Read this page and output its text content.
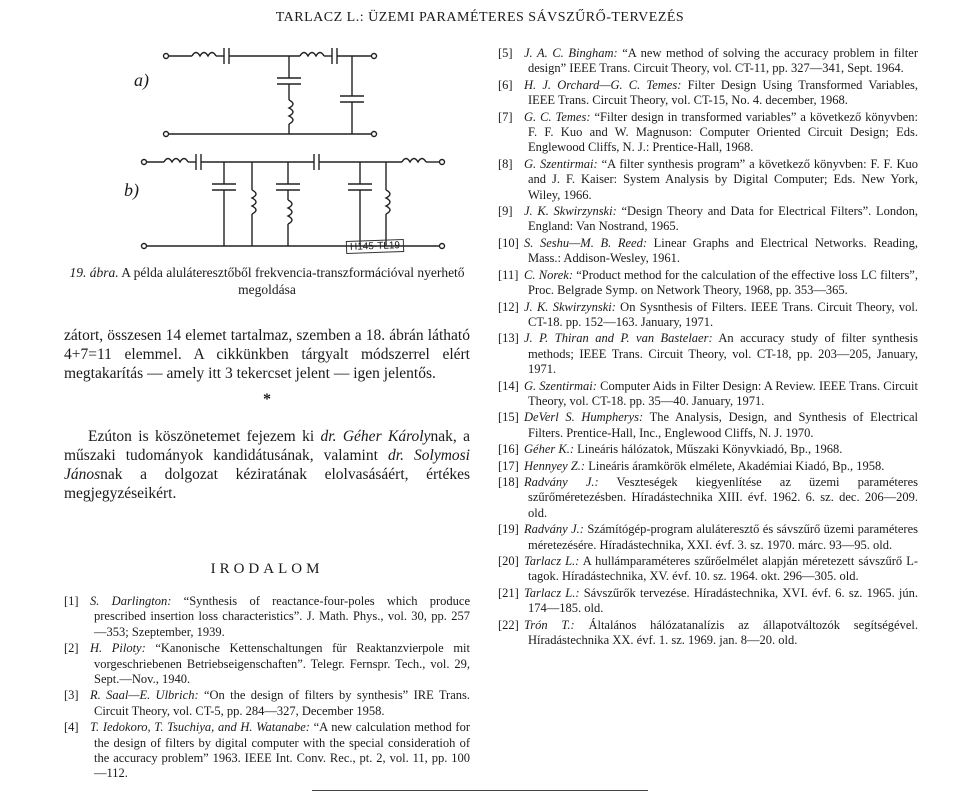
TARLACZ L.: ÜZEMI PARAMÉTERES SÁVSZŰRŐ-TERVEZÉS
a)
b)
H145-TL19
19. ábra. A példa aluláteresztőből frekvencia-transzformációval nyerhető megoldása

zátort, összesen 14 elemet tartalmaz, szemben a 18. ábrán látható 4+7=11 elemmel. A cikkünkben tárgyalt módszerrel elért megtakarítás — amely itt 3 tekercset jelent — igen jelentős.

*

Ezúton is köszönetemet fejezem ki dr. Géher Károlynak, a műszaki tudományok kandidátusának, valamint dr. Solymosi Jánosnak a dolgozat kéziratának elolvasásáért, értékes megjegyzéseikért.

IRODALOM
[1] S. Darlington: “Synthesis of reactance-four-poles which produce prescribed insertion loss characteristics”. J. Math. Phys., vol. 30, pp. 257—353; Szeptember, 1939.
[2] H. Piloty: “Kanonische Kettenschaltungen für Reaktanzvierpole mit vorgeschriebenen Betriebseigenschaften”. Telegr. Fernspr. Tech., vol. 29, Sept.—Nov., 1940.
[3] R. Saal—E. Ulbrich: “On the design of filters by synthesis” IRE Trans. Circuit Theory, vol. CT-5, pp. 284—327, December 1958.
[4] T. Iedokoro, T. Tsuchiya, and H. Watanabe: “A new calculation method for the design of filters by digital computer with the special consideratioh of the accuracy problem” 1963. IEEE Int. Conv. Rec., pt. 2, vol. 11, pp. 100—112.
[5] J. A. C. Bingham: “A new method of solving the accuracy problem in filter design” IEEE Trans. Circuit Theory, vol. CT-11, pp. 327—341, Sept. 1964.
[6] H. J. Orchard—G. C. Temes: Filter Design Using Transformed Variables, IEEE Trans. Circuit Theory, vol. CT-15, No. 4. december, 1968.
[7] G. C. Temes: “Filter design in transformed variables” a következő könyvben: F. F. Kuo and W. Magnuson: Computer Oriented Circuit Design; Eds. Englewood Cliffs, N. J.: Prentice-Hall, 1968.
[8] G. Szentirmai: “A filter synthesis program” a következő könyvben: F. F. Kuo and J. F. Kaiser: System Analysis by Digital Computer; Eds. New York, Wiley, 1966.
[9] J. K. Skwirzynski: “Design Theory and Data for Electrical Filters”. London, England: Van Nostrand, 1965.
[10] S. Seshu—M. B. Reed: Linear Graphs and Electrical Networks. Reading, Mass.: Addison-Wesley, 1961.
[11] C. Norek: “Product method for the calculation of the effective loss LC filters”, Proc. Belgrade Symp. on Network Theory, 1968, pp. 353—365.
[12] J. K. Skwirzynski: On Sysnthesis of Filters. IEEE Trans. Circuit Theory, vol. CT-18. pp. 152—163. January, 1971.
[13] J. P. Thiran and P. van Bastelaer: An accuracy study of filter synthesis methods; IEEE Trans. Circuit Theory, vol. CT-18, pp. 203—205, January, 1971.
[14] G. Szentirmai: Computer Aids in Filter Design: A Review. IEEE Trans. Circuit Theory, vol. CT-18. pp. 35—40. January, 1971.
[15] DeVerl S. Humpherys: The Analysis, Design, and Synthesis of Electrical Filters. Prentice-Hall, Inc., Englewood Cliffs, N. J. 1970.
[16] Géher K.: Lineáris hálózatok, Műszaki Könyvkiadó, Bp., 1968.
[17] Hennyey Z.: Lineáris áramkörök elmélete, Akadémiai Kiadó, Bp., 1958.
[18] Radvány J.: Veszteségek kiegyenlítése az üzemi paraméteres szűrőméretezésben. Híradástechnika XIII. évf. 1962. 6. sz. dec. 206—209. old.
[19] Radvány J.: Számítógép-program aluláteresztő és sávszűrő üzemi paraméteres méretezésére. Híradástechnika, XXI. évf. 3. sz. 1970. márc. 93—95. old.
[20] Tarlacz L.: A hullámparaméteres szűrőelmélet alapján méretezett sávszűrő L-tagok. Híradástechnika, XV. évf. 10. sz. 1964. okt. 296—305. old.
[21] Tarlacz L.: Sávszűrők tervezése. Híradástechnika, XVI. évf. 6. sz. 1965. jún. 174—185. old.
[22] Trón T.: Általános hálózatanalízis az állapotváltozók segítségével. Híradástechnika XX. évf. 1. sz. 1969. jan. 8—20. old.
